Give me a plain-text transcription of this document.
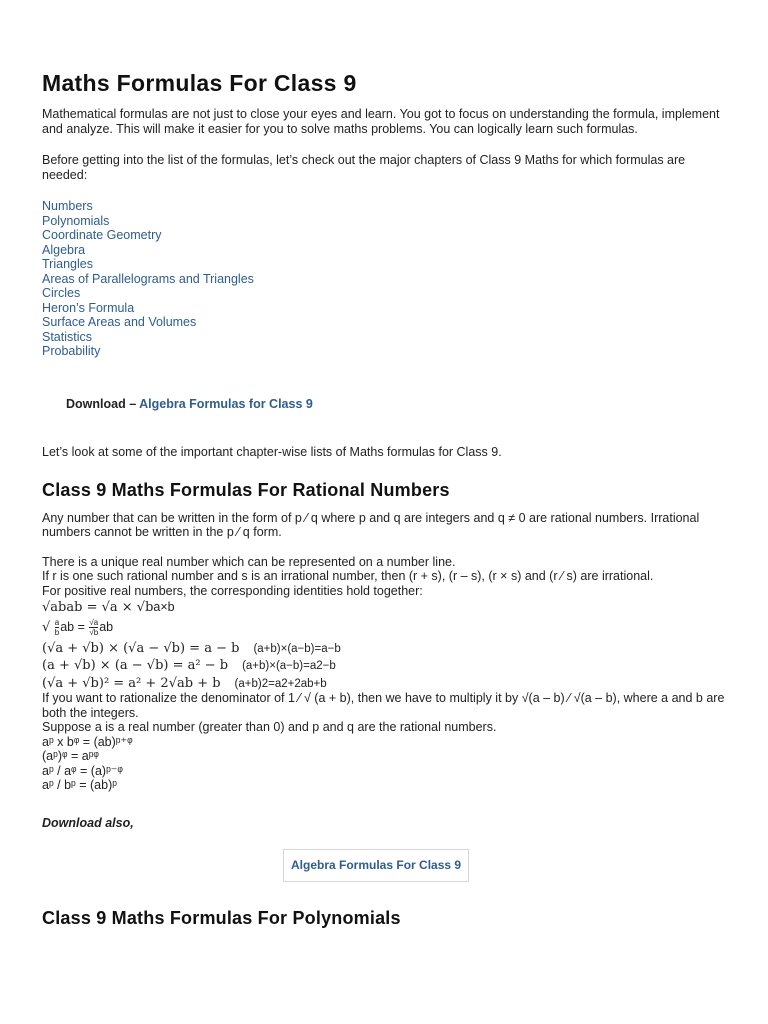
Maths Formulas For Class 9

Mathematical formulas are not just to close your eyes and learn. You got to focus on understanding the formula, implement and analyze. This will make it easier for you to solve maths problems. You can logically learn such formulas.

Before getting into the list of the formulas, let’s check out the major chapters of Class 9 Maths for which formulas are needed:

Numbers
Polynomials
Coordinate Geometry
Algebra
Triangles
Areas of Parallelograms and Triangles
Circles
Heron’s Formula
Surface Areas and Volumes
Statistics
Probability

Download – Algebra Formulas for Class 9

Let’s look at some of the important chapter-wise lists of Maths formulas for Class 9.

Class 9 Maths Formulas For Rational Numbers

Any number that can be written in the form of p ⁄ q where p and q are integers and q ≠ 0 are rational numbers. Irrational numbers cannot be written in the p ⁄ q form.

There is a unique real number which can be represented on a number line.

If r is one such rational number and s is an irrational number, then (r + s), (r – s), (r × s) and (r ⁄ s) are irrational.

For positive real numbers, the corresponding identities hold together:

√abab = √a × √ba×b
√ $\frac{a}{b}$ ab = $\frac{√a}{√b}$ ab
(√a + √b) × (√a − √b) = a − b (a+b)×(a−b)=a−b
(a + √b) × (a − √b) = a² − b (a+b)×(a−b)=a2−b
(√a + √b)² = a² + 2√ab + b (a+b)2=a2+2ab+b

If you want to rationalize the denominator of 1 ⁄ √ (a + b), then we have to multiply it by √(a – b) ⁄ √(a – b), where a and b are both the integers.

Suppose a is a real number (greater than 0) and p and q are the rational numbers.

aᵖ x bᵠ = (ab)ᵖ⁺ᵠ
(aᵖ)ᵠ = aᵖᵠ
aᵖ / aᵠ = (a)ᵖ⁻ᵠ
aᵖ / bᵖ = (ab)ᵖ

Download also,

Algebra Formulas For Class 9
Class 9 Maths Formulas For Polynomials
